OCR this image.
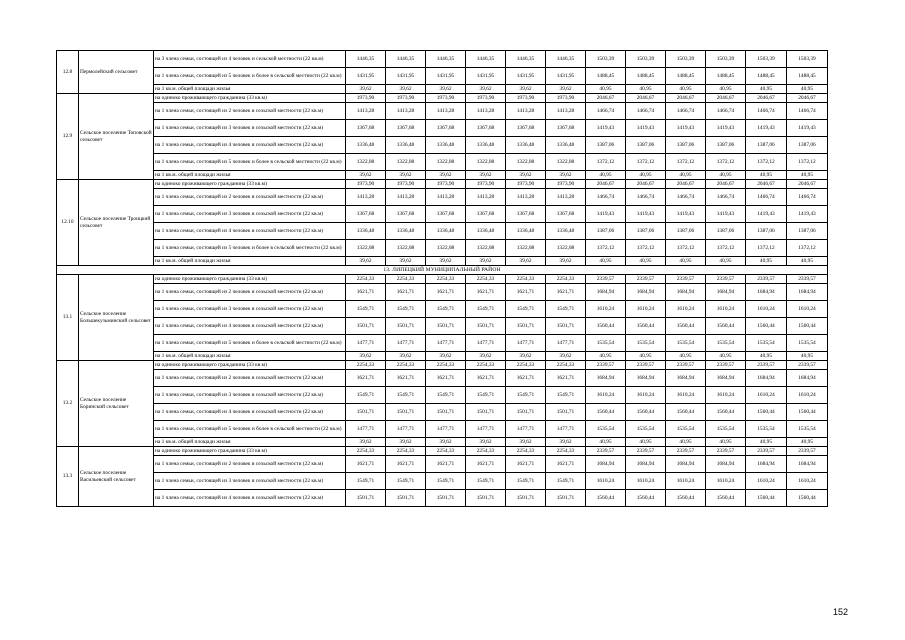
12.8	Пермолейский сельсовет	на 3 члена семьи, состоящей из 4 человек и сельской местности (22 кв.м)	1446,35	1446,35	1446,35	1446,35	1446,35	1446,35	1503,39	1503,39	1503,39	1503,39	1503,39	1503,39
		на 1 члена семьи, состоящей из 5 человек и более в сельской местности (22 кв.м)	1431,95	1431,95	1431,95	1431,95	1431,95	1431,95	1488,45	1488,45	1488,45	1488,45	1488,45	1488,45
		на 1 кв.м. общей площади жилья	39,62	39,62	39,62	39,62	39,62	39,62	40,95	40,95	40,95	40,95	40,95	40,95
12.9	Сельское поселение Топовской сельсовет	на одиноко проживающего гражданина (33 кв.м)	1973,90	1973,90	1973,90	1973,90	1973,90	1973,90	2046,67	2046,67	2046,67	2046,67	2046,67	2046,67
		на 1 члена семьи, состоящей из 2 человек в сельской местности (22 кв.м)	1413,28	1413,28	1413,28	1413,28	1413,28	1413,28	1466,74	1466,74	1466,74	1466,74	1466,74	1466,74
		на 1 члена семьи, состоящей из 3 человек в сельской местности (22 кв.м)	1367,68	1367,68	1367,68	1367,68	1367,68	1367,68	1419,43	1419,43	1419,43	1419,43	1419,43	1419,43
		на 1 члена семьи, состоящей из 4 человек в сельской местности (22 кв.м)	1336,48	1336,48	1336,48	1336,48	1336,48	1336,48	1387,06	1387,06	1387,06	1387,06	1387,06	1387,06
		на 1 члена семьи, состоящей из 5 человек и более в сельской местности (22 кв.м)	1322,08	1322,08	1322,08	1322,08	1322,08	1322,08	1372,12	1372,12	1372,12	1372,12	1372,12	1372,12
		на 1 кв.м. общей площади жилья	39,62	39,62	39,62	39,62	39,62	39,62	40,95	40,95	40,95	40,95	40,95	40,95
12.10	Сельское поселение Троицкий сельсовет	на одиноко проживающего гражданина (33 кв.м)	1973,90	1973,90	1973,90	1973,90	1973,90	1973,90	2046,67	2046,67	2046,67	2046,67	2046,67	2046,67
		на 1 члена семьи, состоящей из 2 человек в сельской местности (22 кв.м)	1413,28	1413,28	1413,28	1413,28	1413,28	1413,28	1466,74	1466,74	1466,74	1466,74	1466,74	1466,74
		на 1 члена семьи, состоящей из 3 человек в сельской местности (22 кв.м)	1367,68	1367,68	1367,68	1367,68	1367,68	1367,68	1419,43	1419,43	1419,43	1419,43	1419,43	1419,43
		на 1 члена семьи, состоящей из 4 человек в сельской местности (22 кв.м)	1336,48	1336,48	1336,48	1336,48	1336,48	1336,48	1387,06	1387,06	1387,06	1387,06	1387,06	1387,06
		на 1 члена семьи, состоящей из 5 человек и более в сельской местности (22 кв.м)	1322,08	1322,08	1322,08	1322,08	1322,08	1322,08	1372,12	1372,12	1372,12	1372,12	1372,12	1372,12
		на 1 кв.м. общей площади жилья	39,62	39,62	39,62	39,62	39,62	39,62	40,95	40,95	40,95	40,95	40,95	40,95
13. ЛИПЕЦКИЙ МУНИЦИПАЛЬНЫЙ РАЙОН														
13.1	Сельское поселение Большекузьминский сельсовет	на одиноко проживающего гражданина (33 кв.м)	2254,33	2254,33	2254,33	2254,33	2254,33	2254,33	2339,57	2339,57	2339,57	2339,57	2339,57	2339,57
		на 1 члена семьи, состоящей из 2 человек в сельской местности (22 кв.м)	1621,71	1621,71	1621,71	1621,71	1621,71	1621,71	1684,94	1684,94	1684,94	1684,94	1684,94	1684,94
		на 1 члена семьи, состоящей из 3 человек в сельской местности (22 кв.м)	1549,71	1549,71	1549,71	1549,71	1549,71	1549,71	1610,24	1610,24	1610,24	1610,24	1610,24	1610,24
		на 1 члена семьи, состоящей из 4 человек в сельской местности (22 кв.м)	1501,71	1501,71	1501,71	1501,71	1501,71	1501,71	1560,44	1560,44	1560,44	1560,44	1560,44	1560,44
		на 1 члена семьи, состоящей из 5 человек и более в сельской местности (22 кв.м)	1477,71	1477,71	1477,71	1477,71	1477,71	1477,71	1535,54	1535,54	1535,54	1535,54	1535,54	1535,54
		на 1 кв.м. общей площади жилья	39,62	39,62	39,62	39,62	39,62	39,62	40,95	40,95	40,95	40,95	40,95	40,95
13.2	Сельское поселение Боринский сельсовет	на одиноко проживающего гражданина (33 кв.м)	2254,33	2254,33	2254,33	2254,33	2254,33	2254,33	2339,57	2339,57	2339,57	2339,57	2339,57	2339,57
		на 1 члена семьи, состоящей из 2 человек в сельской местности (22 кв.м)	1621,71	1621,71	1621,71	1621,71	1621,71	1621,71	1684,94	1684,94	1684,94	1684,94	1684,94	1684,94
		на 1 члена семьи, состоящей из 3 человек в сельской местности (22 кв.м)	1549,71	1549,71	1549,71	1549,71	1549,71	1549,71	1610,24	1610,24	1610,24	1610,24	1610,24	1610,24
		на 1 члена семьи, состоящей из 4 человек в сельской местности (22 кв.м)	1501,71	1501,71	1501,71	1501,71	1501,71	1501,71	1560,44	1560,44	1560,44	1560,44	1560,44	1560,44
		на 1 члена семьи, состоящей из 5 человек и более в сельской местности (22 кв.м)	1477,71	1477,71	1477,71	1477,71	1477,71	1477,71	1535,54	1535,54	1535,54	1535,54	1535,54	1535,54
		на 1 кв.м. общей площади жилья	39,62	39,62	39,62	39,62	39,62	39,62	40,95	40,95	40,95	40,95	40,95	40,95
13.3	Сельское поселение Васильевский сельсовет	на одиноко проживающего гражданина (33 кв.м)	2254,33	2254,33	2254,33	2254,33	2254,33	2254,33	2339,57	2339,57	2339,57	2339,57	2339,57	2339,57
		на 1 члена семьи, состоящей из 2 человек в сельской местности (22 кв.м)	1621,71	1621,71	1621,71	1621,71	1621,71	1621,71	1684,94	1684,94	1684,94	1684,94	1684,94	1684,94
		на 1 члена семьи, состоящей из 3 человек в сельской местности (22 кв.м)	1549,71	1549,71	1549,71	1549,71	1549,71	1549,71	1610,24	1610,24	1610,24	1610,24	1610,24	1610,24
		на 1 члена семьи, состоящей из 4 человек в сельской местности (22 кв.м)	1501,71	1501,71	1501,71	1501,71	1501,71	1501,71	1560,44	1560,44	1560,44	1560,44	1560,44	1560,44
152
